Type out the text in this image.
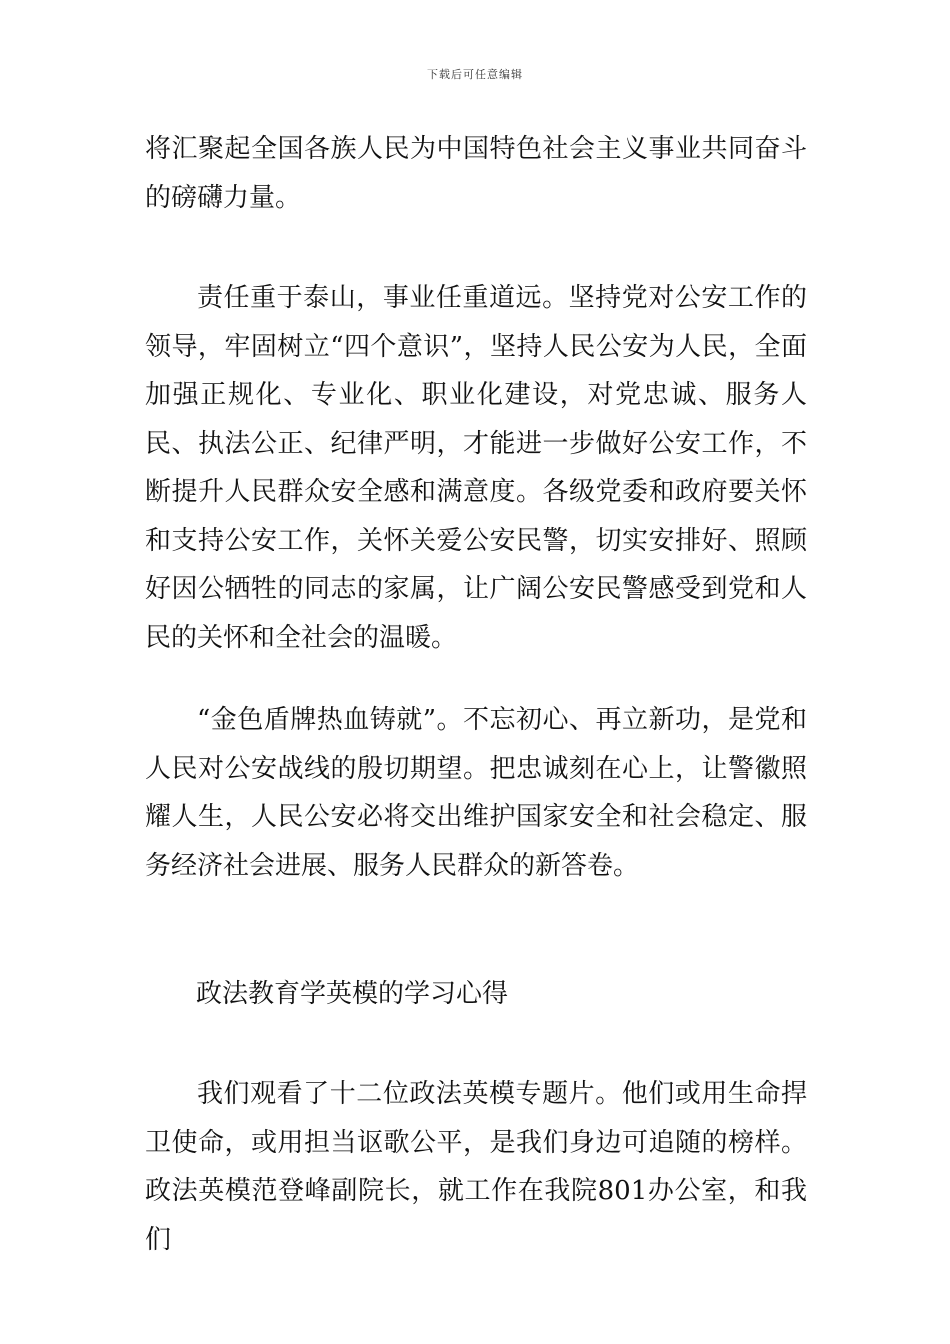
下载后可任意编辑

将汇聚起全国各族人民为中国特色社会主义事业共同奋斗的磅礴力量。

责任重于泰山，事业任重道远。坚持党对公安工作的领导，牢固树立“四个意识”，坚持人民公安为人民，全面加强正规化、专业化、职业化建设，对党忠诚、服务人民、执法公正、纪律严明，才能进一步做好公安工作，不断提升人民群众安全感和满意度。各级党委和政府要关怀和支持公安工作，关怀关爱公安民警，切实安排好、照顾好因公牺牲的同志的家属，让广阔公安民警感受到党和人民的关怀和全社会的温暖。

“金色盾牌热血铸就”。不忘初心、再立新功，是党和人民对公安战线的殷切期望。把忠诚刻在心上，让警徽照耀人生，人民公安必将交出维护国家安全和社会稳定、服务经济社会进展、服务人民群众的新答卷。

政法教育学英模的学习心得

我们观看了十二位政法英模专题片。他们或用生命捍卫使命，或用担当讴歌公平，是我们身边可追随的榜样。政法英模范登峰副院长，就工作在我院801办公室，和我们
